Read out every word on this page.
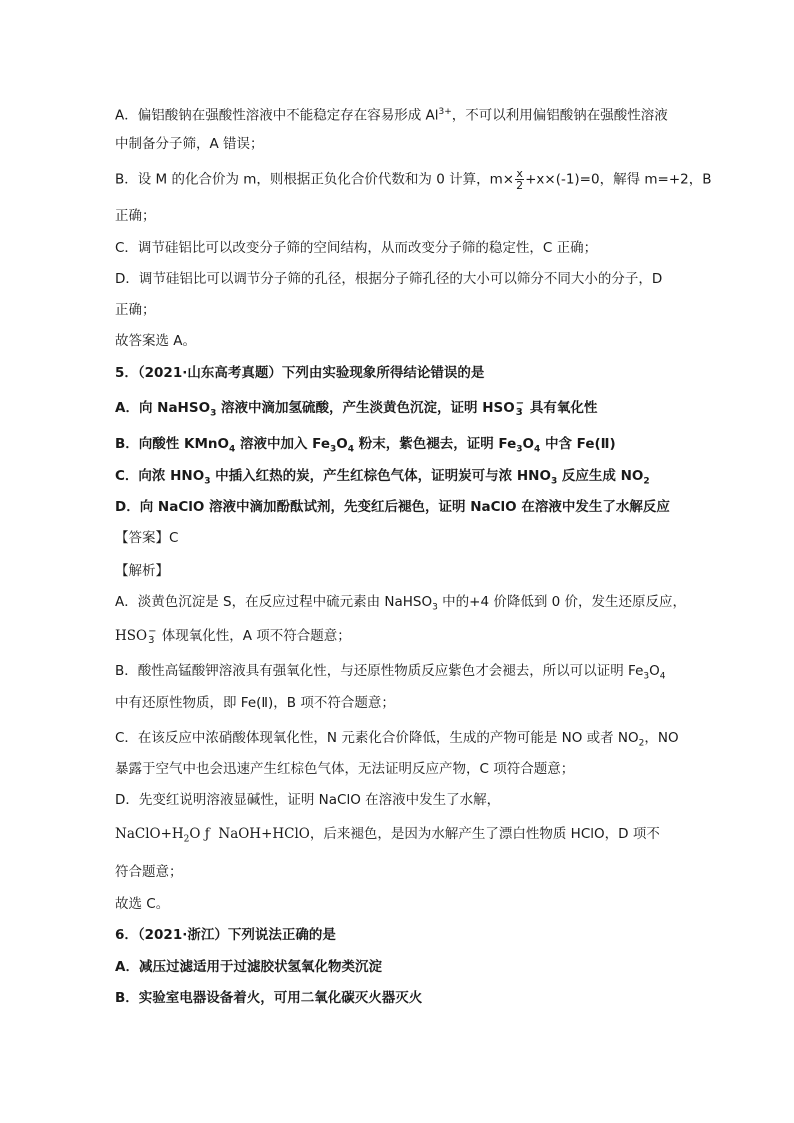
A．偏铝酸钠在强酸性溶液中不能稳定存在容易形成 $Al^{3+}$，不可以利用偏铝酸钠在强酸性溶液
中制备分子筛，A 错误；
B．设 M 的化合价为 m，则根据正负化合价代数和为 0 计算，$m\times \frac{x}{2} +x\times(-1)=0$，解得 m=+2，B
正确；
C．调节硅铝比可以改变分子筛的空间结构，从而改变分子筛的稳定性，C 正确；
D．调节硅铝比可以调节分子筛的孔径，根据分子筛孔径的大小可以筛分不同大小的分子，D
正确；
故答案选 A。
5．（2021·山东高考真题）下列由实验现象所得结论错误的是
A．向 NaHSO$_3$ 溶液中滴加氢硫酸，产生淡黄色沉淀，证明 HSO −
3 具有氧化性
B．向酸性 KMnO$_4$ 溶液中加入 $Fe_3O_4$ 粉末，紫色褪去，证明 $Fe_3O_4$ 中含 Fe(Ⅱ)
C．向浓 $HNO_3$ 中插入红热的炭，产生红棕色气体，证明炭可与浓 $HNO_3$ 反应生成 $NO_2$
D．向 NaClO 溶液中滴加酚酞试剂，先变红后褪色，证明 NaClO 在溶液中发生了水解反应
【答案】C
【解析】
A．淡黄色沉淀是 S，在反应过程中硫元素由 NaHSO$_3$ 中的+4 价降低到 0 价，发生还原反应，
HSO −
3 体现氧化性，A 项不符合题意；
B．酸性高锰酸钾溶液具有强氧化性，与还原性物质反应紫色才会褪去，所以可以证明 $Fe_3O_4$
中有还原性物质，即 Fe(Ⅱ)，B 项不符合题意；
C．在该反应中浓硝酸体现氧化性，N 元素化合价降低，生成的产物可能是 NO 或者 $NO_2$，NO
暴露于空气中也会迅速产生红棕色气体，无法证明反应产物，C 项符合题意；
D．先变红说明溶液显碱性，证明 NaClO 在溶液中发生了水解，
$NaClO+H_2O$ ƒ NaOH+HClO，后来褪色，是因为水解产生了漂白性物质 HClO，D 项不
符合题意；
故选 C。
6．（2021·浙江）下列说法正确的是
A．减压过滤适用于过滤胶状氢氧化物类沉淀
B．实验室电器设备着火，可用二氧化碳灭火器灭火
